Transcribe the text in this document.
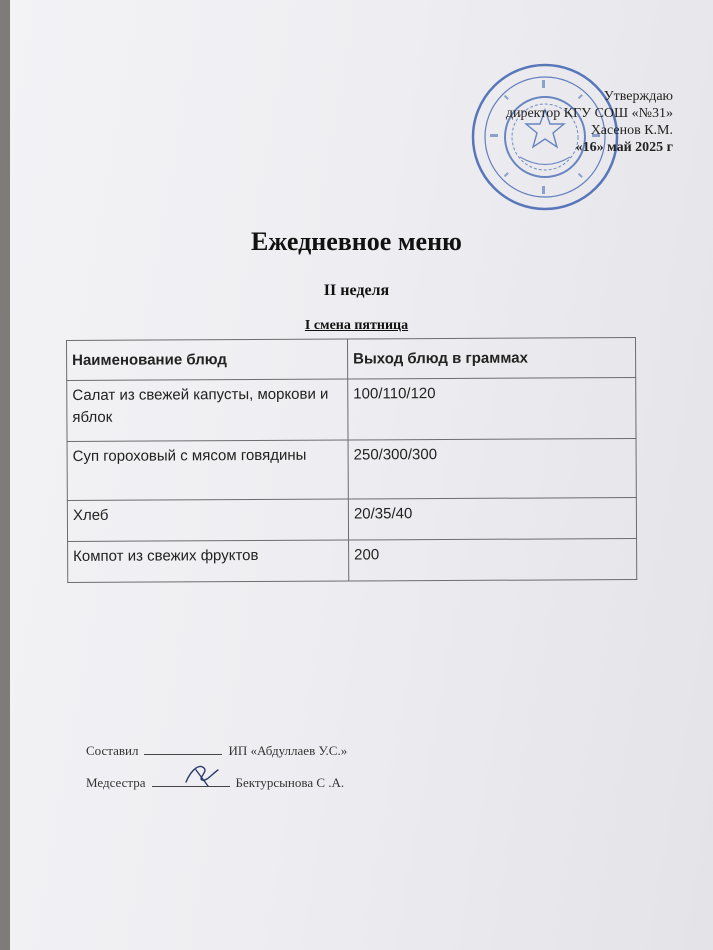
Утверждаю
директор КГУ СОШ «№31»
Хасенов К.М.
«16» май 2025 г
Ежедневное меню
II неделя
I смена пятница
Наименование блюд	Выход блюд в граммах
Салат из свежей капусты, моркови и яблок	100/110/120
Суп гороховый с мясом говядины	250/300/300
Хлеб	20/35/40
Компот из свежих фруктов	200
Составил	ИП «Абдуллаев У.С.»
Медсестра	Бектурсынова С .А.
